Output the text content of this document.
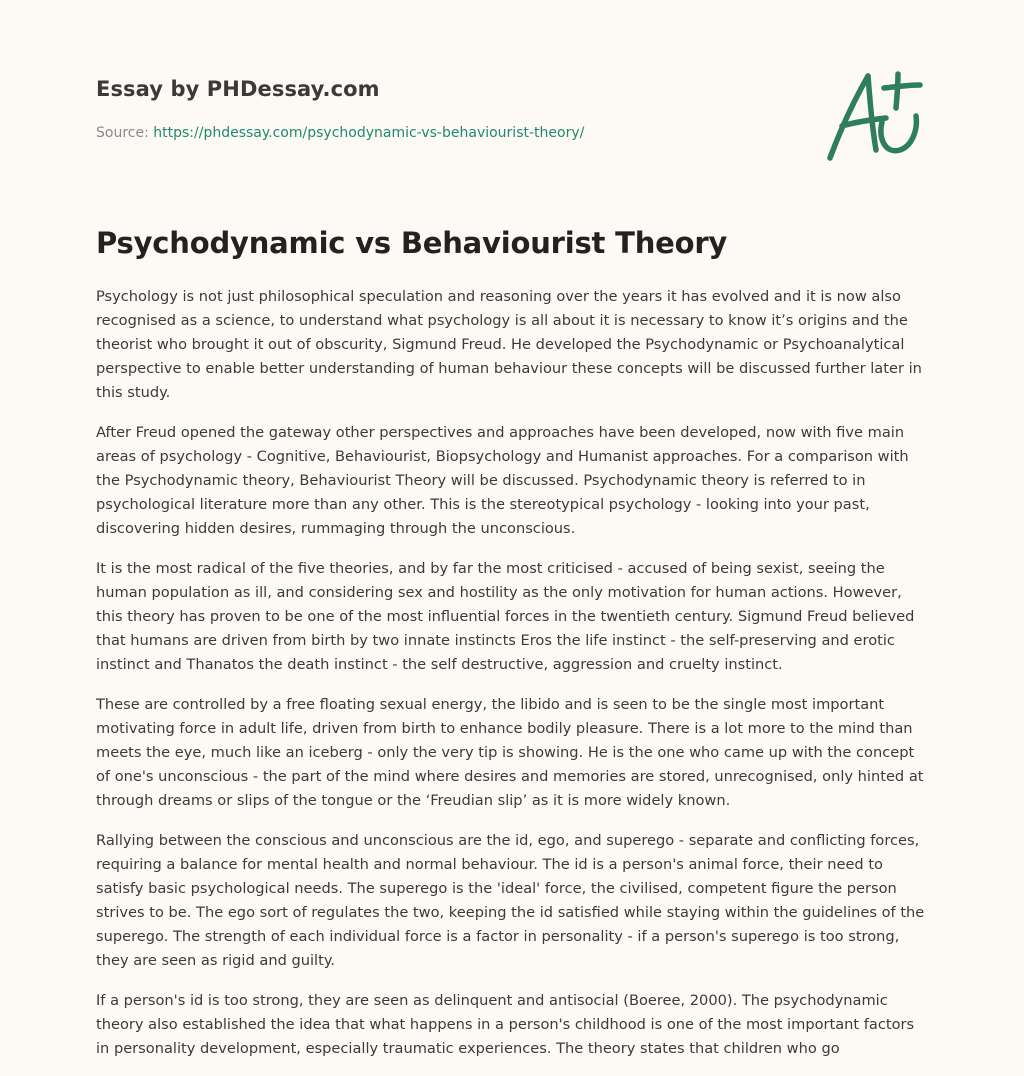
Essay by PHDessay.com
Source: https://phdessay.com/psychodynamic-vs-behaviourist-theory/
Psychodynamic vs Behaviourist Theory

Psychology is not just philosophical speculation and reasoning over the years it has evolved and it is now also recognised as a science, to understand what psychology is all about it is necessary to know it’s origins and the theorist who brought it out of obscurity, Sigmund Freud. He developed the Psychodynamic or Psychoanalytical perspective to enable better understanding of human behaviour these concepts will be discussed further later in this study.

After Freud opened the gateway other perspectives and approaches have been developed, now with five main areas of psychology - Cognitive, Behaviourist, Biopsychology and Humanist approaches. For a comparison with the Psychodynamic theory, Behaviourist Theory will be discussed. Psychodynamic theory is referred to in psychological literature more than any other. This is the stereotypical psychology - looking into your past, discovering hidden desires, rummaging through the unconscious.

It is the most radical of the five theories, and by far the most criticised - accused of being sexist, seeing the human population as ill, and considering sex and hostility as the only motivation for human actions. However, this theory has proven to be one of the most influential forces in the twentieth century. Sigmund Freud believed that humans are driven from birth by two innate instincts Eros the life instinct - the self-preserving and erotic instinct and Thanatos the death instinct - the self destructive, aggression and cruelty instinct.

These are controlled by a free floating sexual energy, the libido and is seen to be the single most important motivating force in adult life, driven from birth to enhance bodily pleasure. There is a lot more to the mind than meets the eye, much like an iceberg - only the very tip is showing. He is the one who came up with the concept of one's unconscious - the part of the mind where desires and memories are stored, unrecognised, only hinted at through dreams or slips of the tongue or the ‘Freudian slip’ as it is more widely known.

Rallying between the conscious and unconscious are the id, ego, and superego - separate and conflicting forces, requiring a balance for mental health and normal behaviour. The id is a person's animal force, their need to satisfy basic psychological needs. The superego is the 'ideal' force, the civilised, competent figure the person strives to be. The ego sort of regulates the two, keeping the id satisfied while staying within the guidelines of the superego. The strength of each individual force is a factor in personality - if a person's superego is too strong, they are seen as rigid and guilty.

If a person's id is too strong, they are seen as delinquent and antisocial (Boeree, 2000). The psychodynamic theory also established the idea that what happens in a person's childhood is one of the most important factors in personality development, especially traumatic experiences. The theory states that children who go
